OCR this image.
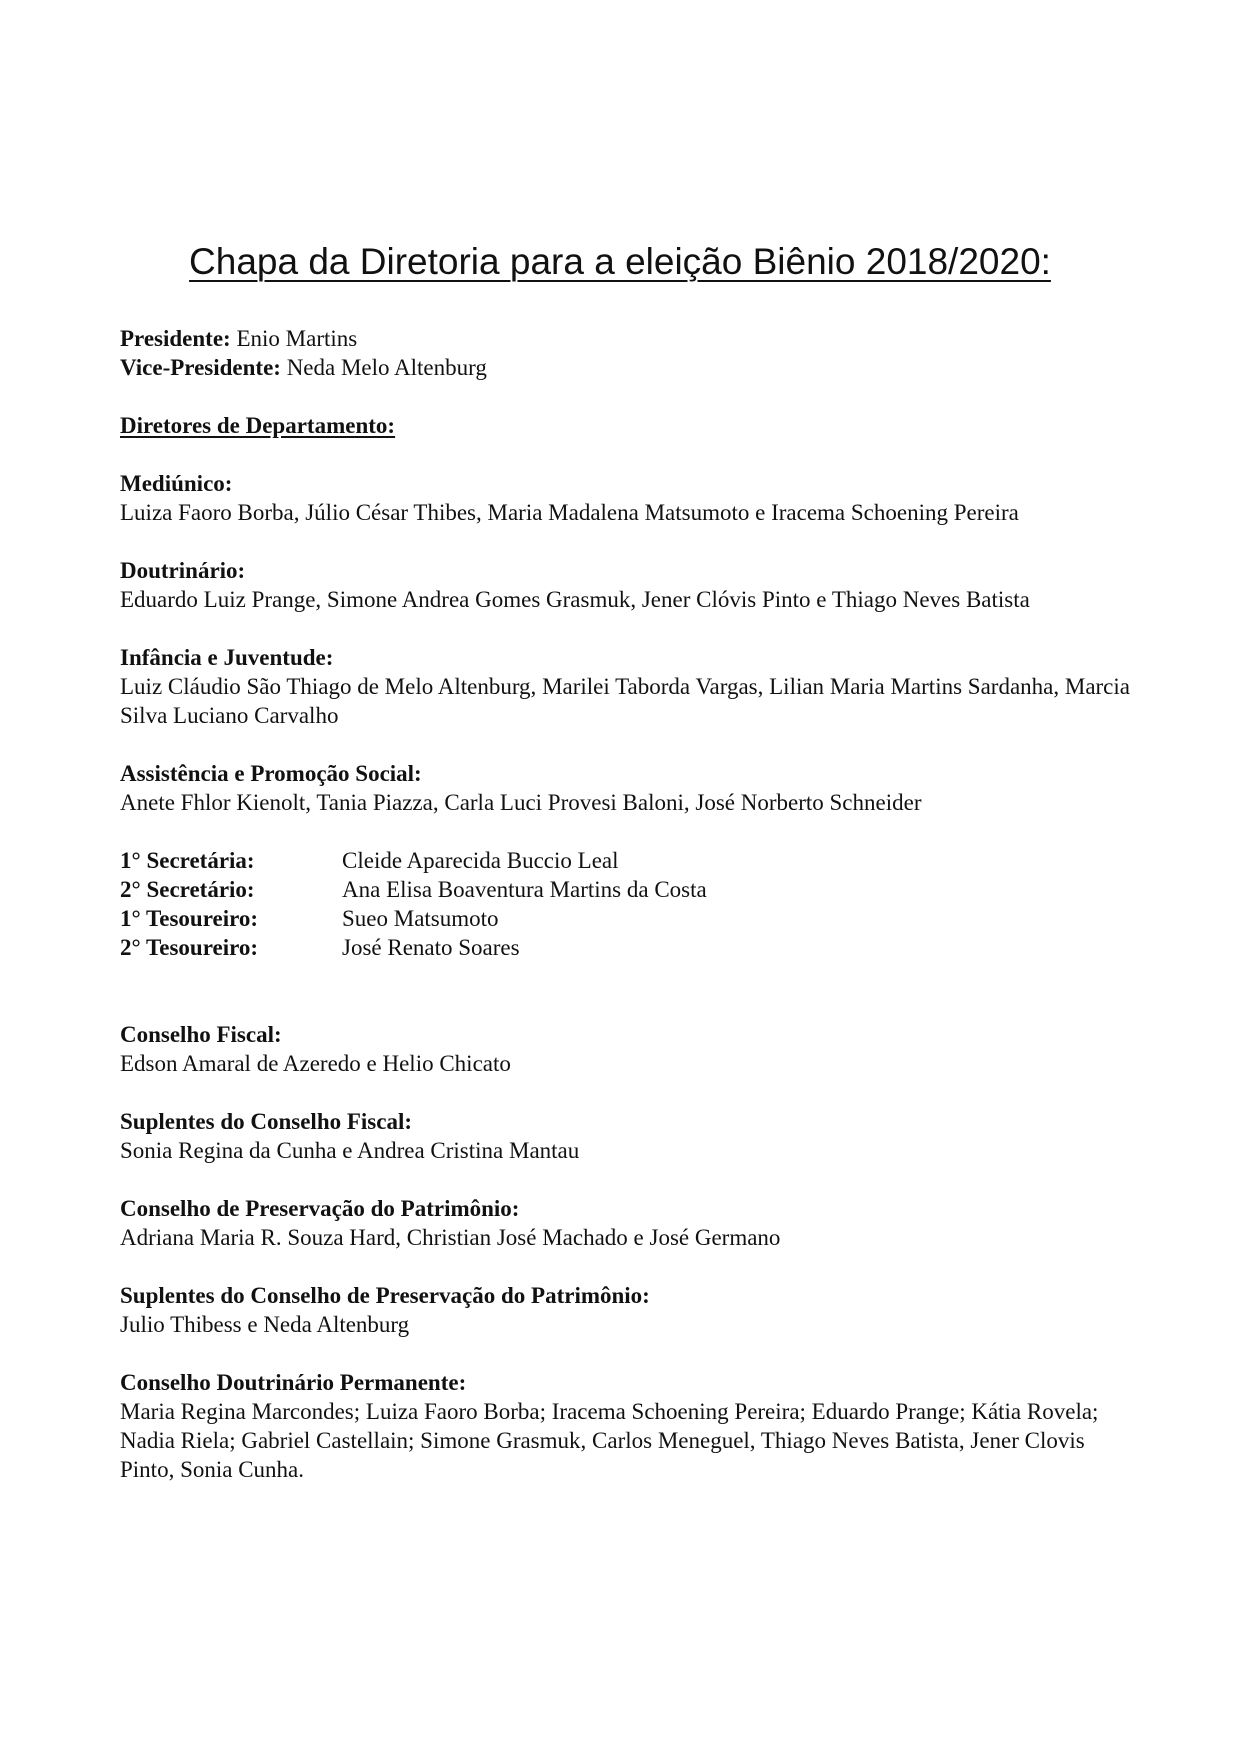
Chapa da Diretoria para a eleição Biênio 2018/2020:

Presidente: Enio Martins

Vice-Presidente: Neda Melo Altenburg

Diretores de Departamento:

Mediúnico:

Luiza Faoro Borba, Júlio César Thibes, Maria Madalena Matsumoto e Iracema Schoening Pereira

Doutrinário:

Eduardo Luiz Prange, Simone Andrea Gomes Grasmuk, Jener Clóvis Pinto e Thiago Neves Batista

Infância e Juventude:

Luiz Cláudio São Thiago de Melo Altenburg, Marilei Taborda Vargas, Lilian Maria Martins Sardanha, Marcia Silva Luciano Carvalho

Assistência e Promoção Social:

Anete Fhlor Kienolt, Tania Piazza, Carla Luci Provesi Baloni, José Norberto Schneider

1° Secretária:	Cleide Aparecida Buccio Leal
2° Secretário:	Ana Elisa Boaventura Martins da Costa
1° Tesoureiro:	Sueo Matsumoto
2° Tesoureiro:	José Renato Soares

Conselho Fiscal:

Edson Amaral de Azeredo e Helio Chicato

Suplentes do Conselho Fiscal:

Sonia Regina da Cunha e Andrea Cristina Mantau

Conselho de Preservação do Patrimônio:

Adriana Maria R. Souza Hard, Christian José Machado e José Germano

Suplentes do Conselho de Preservação do Patrimônio:

Julio Thibess e Neda Altenburg

Conselho Doutrinário Permanente:

Maria Regina Marcondes; Luiza Faoro Borba; Iracema Schoening Pereira; Eduardo Prange; Kátia Rovela; Nadia Riela; Gabriel Castellain; Simone Grasmuk, Carlos Meneguel, Thiago Neves Batista, Jener Clovis Pinto, Sonia Cunha.
